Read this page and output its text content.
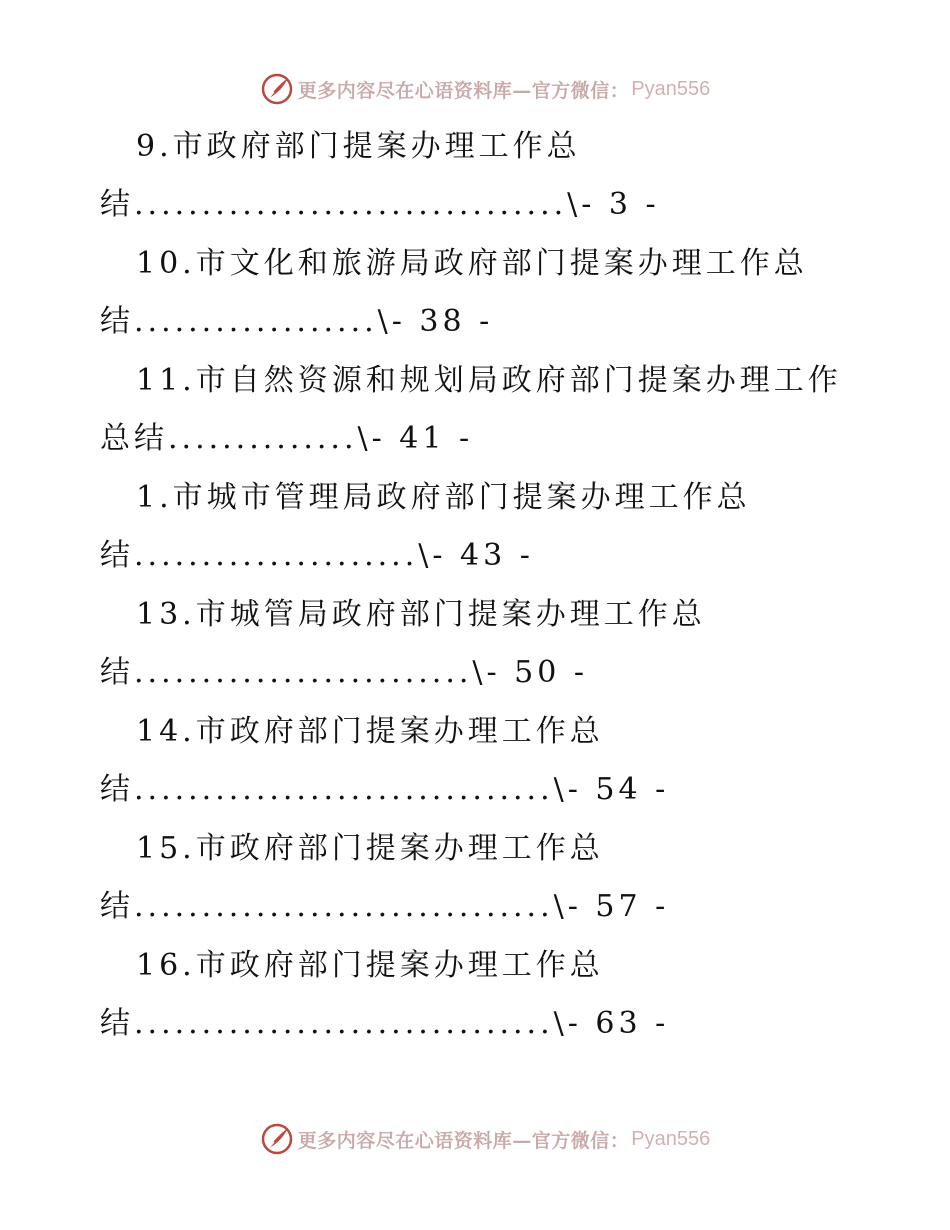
更多内容尽在心语资料库—官方微信： Pyan556
9.市政府部门提案办理工作总
结................................\- 3 -
10.市文化和旅游局政府部门提案办理工作总
结..................\- 38 -
11.市自然资源和规划局政府部门提案办理工作
总结..............\- 41 -
1.市城市管理局政府部门提案办理工作总
结.....................\- 43 -
13.市城管局政府部门提案办理工作总
结.........................\- 50 -
14.市政府部门提案办理工作总
结...............................\- 54 -
15.市政府部门提案办理工作总
结...............................\- 57 -
16.市政府部门提案办理工作总
结...............................\- 63 -
更多内容尽在心语资料库—官方微信： Pyan556
